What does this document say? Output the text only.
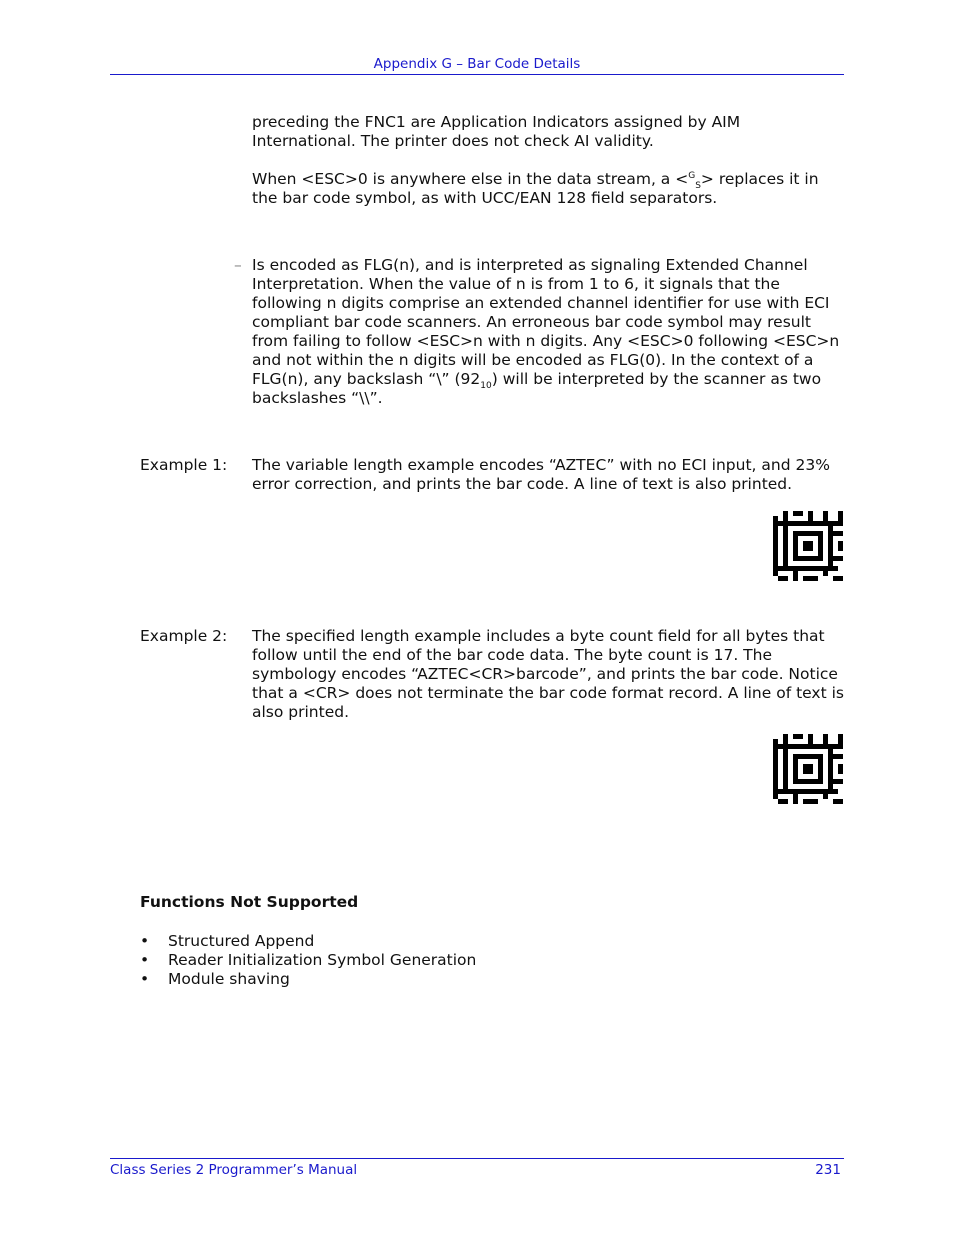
Appendix G – Bar Code Details
preceding the FNC1 are Application Indicators assigned by AIM International. The printer does not check AI validity.
When <ESC>0 is anywhere else in the data stream, a <$^G_S$> replaces it in the bar code symbol, as with UCC/EAN 128 field separators.
– Is encoded as FLG(n), and is interpreted as signaling Extended Channel Interpretation. When the value of n is from 1 to 6, it signals that the following n digits comprise an extended channel identifier for use with ECI compliant bar code scanners. An erroneous bar code symbol may result from failing to follow <ESC>n with n digits. Any <ESC>0 following <ESC>n and not within the n digits will be encoded as FLG(0). In the context of a FLG(n), any backslash “\” $(92_{10})$ will be interpreted by the scanner as two backslashes “\\”.
Example 1: The variable length example encodes “AZTEC” with no ECI input, and 23% error correction, and prints the bar code. A line of text is also printed.
Example 2: The specified length example includes a byte count field for all bytes that follow until the end of the bar code data. The byte count is 17. The symbology encodes “AZTEC<CR>barcode”, and prints the bar code. Notice that a <CR> does not terminate the bar code format record. A line of text is also printed.
Functions Not Supported
• Structured Append
• Reader Initialization Symbol Generation
• Module shaving
Class Series 2 Programmer’s Manual	231
